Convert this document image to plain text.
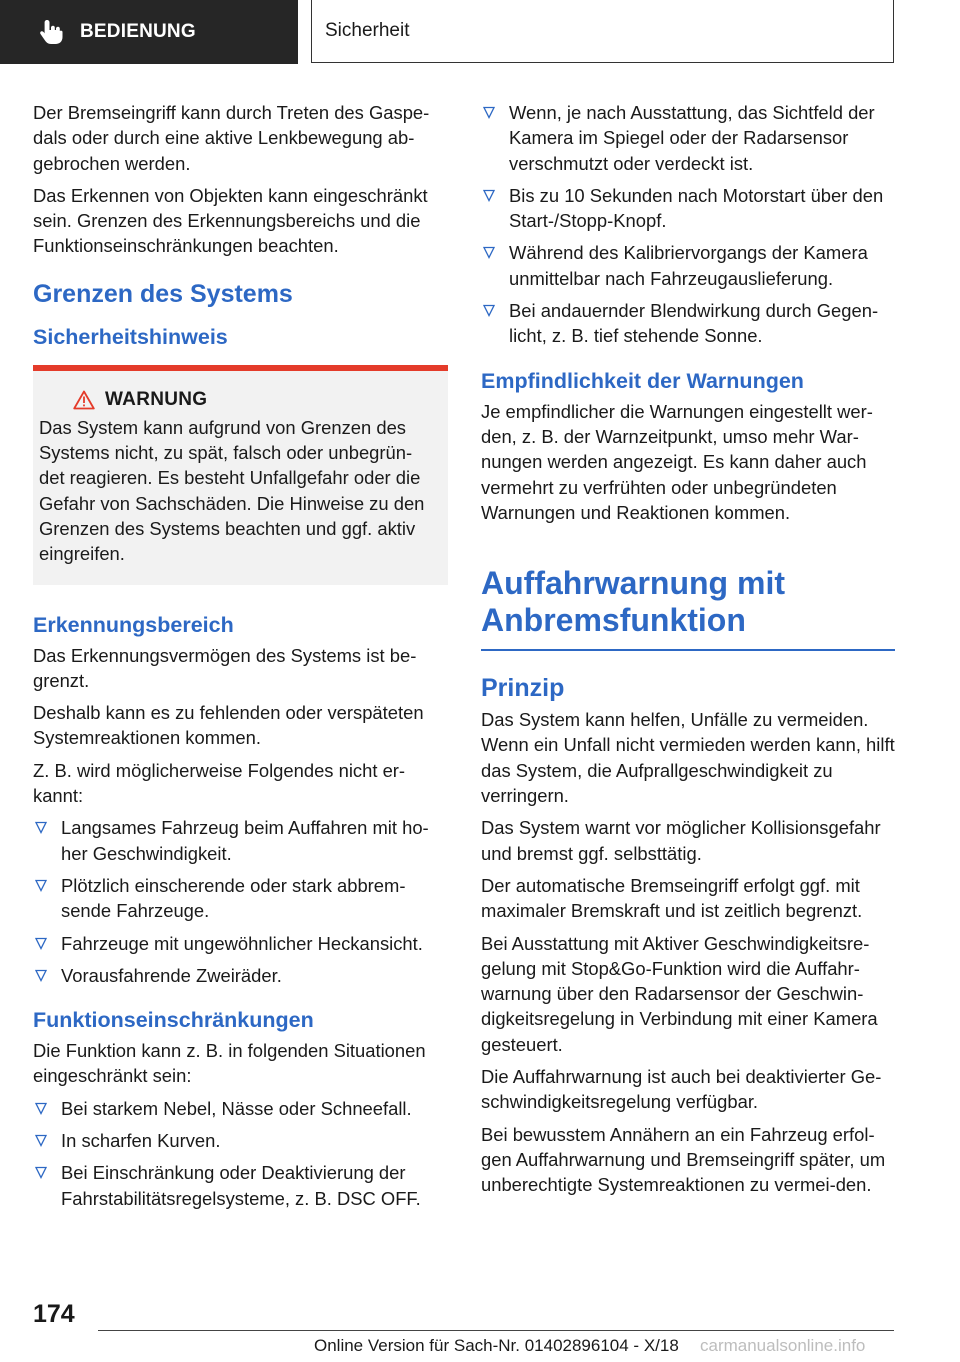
BEDIENUNG	Sicherheit

Der Bremseingriff kann durch Treten des Gaspe-dals oder durch eine aktive Lenkbewegung ab-gebrochen werden.

Das Erkennen von Objekten kann eingeschränkt sein. Grenzen des Erkennungsbereichs und die Funktionseinschränkungen beachten.

Grenzen des Systems
Sicherheitshinweis
WARNUNG

Das System kann aufgrund von Grenzen des Systems nicht, zu spät, falsch oder unbegrün-det reagieren. Es besteht Unfallgefahr oder die Gefahr von Sachschäden. Die Hinweise zu den Grenzen des Systems beachten und ggf. aktiv eingreifen.

Erkennungsbereich

Das Erkennungsvermögen des Systems ist be-grenzt.

Deshalb kann es zu fehlenden oder verspäteten Systemreaktionen kommen.

Z. B. wird möglicherweise Folgendes nicht er-kannt:

Langsames Fahrzeug beim Auffahren mit ho-her Geschwindigkeit.
Plötzlich einscherende oder stark abbrem-sende Fahrzeuge.
Fahrzeuge mit ungewöhnlicher Heckansicht.
Vorausfahrende Zweiräder.
Funktionseinschränkungen

Die Funktion kann z. B. in folgenden Situationen eingeschränkt sein:

Bei starkem Nebel, Nässe oder Schneefall.
In scharfen Kurven.
Bei Einschränkung oder Deaktivierung der Fahrstabilitätsregelsysteme, z. B. DSC OFF.
Wenn, je nach Ausstattung, das Sichtfeld der Kamera im Spiegel oder der Radarsensor verschmutzt oder verdeckt ist.
Bis zu 10 Sekunden nach Motorstart über den Start-/Stopp-Knopf.
Während des Kalibriervorgangs der Kamera unmittelbar nach Fahrzeugauslieferung.
Bei andauernder Blendwirkung durch Gegen-licht, z. B. tief stehende Sonne.
Empfindlichkeit der Warnungen

Je empfindlicher die Warnungen eingestellt wer-den, z. B. der Warnzeitpunkt, umso mehr War-nungen werden angezeigt. Es kann daher auch vermehrt zu verfrühten oder unbegründeten Warnungen und Reaktionen kommen.

Auffahrwarnung mit Anbremsfunktion
Prinzip

Das System kann helfen, Unfälle zu vermeiden. Wenn ein Unfall nicht vermieden werden kann, hilft das System, die Aufprallgeschwindigkeit zu verringern.

Das System warnt vor möglicher Kollisionsgefahr und bremst ggf. selbsttätig.

Der automatische Bremseingriff erfolgt ggf. mit maximaler Bremskraft und ist zeitlich begrenzt.

Bei Ausstattung mit Aktiver Geschwindigkeitsre-gelung mit Stop&Go-Funktion wird die Auffahr-warnung über den Radarsensor der Geschwin-digkeitsregelung in Verbindung mit einer Kamera gesteuert.

Die Auffahrwarnung ist auch bei deaktivierter Ge-schwindigkeitsregelung verfügbar.

Bei bewusstem Annähern an ein Fahrzeug erfol-gen Auffahrwarnung und Bremseingriff später, um unberechtigte Systemreaktionen zu vermei-den.

174
Online Version für Sach-Nr. 01402896104 - X/18 carmanualsonline.info
